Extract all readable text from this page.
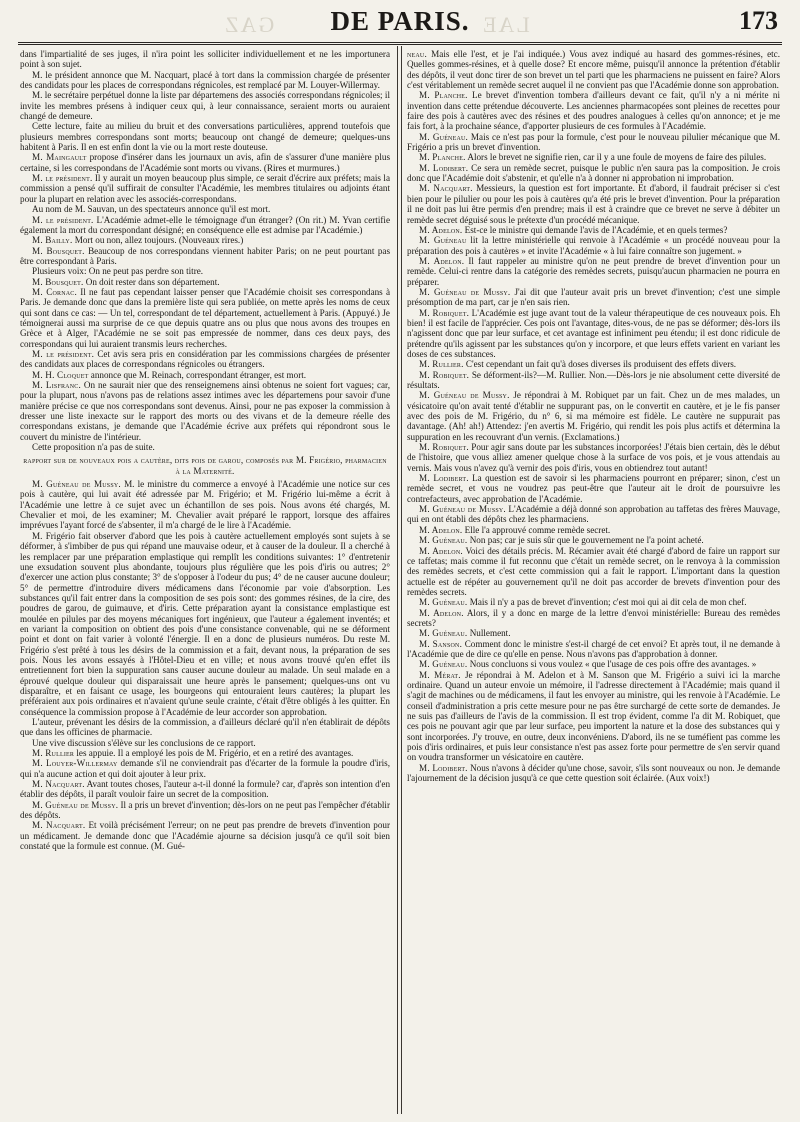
GAZ	LAE
DE PARIS.	173

dans l'impartialité de ses juges, il n'ira point les solliciter individuellement et ne les importunera point à son sujet.

M. le président annonce que M. Nacquart, placé à tort dans la commission chargée de présenter des candidats pour les places de correspondans régnicoles, est remplacé par M. Louyer-Willermay.

M. le secrétaire perpétuel donne la liste par départemens des associés correspondans régnicoles; il invite les membres présens à indiquer ceux qui, à leur connaissance, seraient morts ou auraient changé de demeure.

Cette lecture, faite au milieu du bruit et des conversations particulières, apprend toutefois que plusieurs membres correspondans sont morts; beaucoup ont changé de demeure; quelques-uns habitent à Paris. Il en est enfin dont la vie ou la mort reste douteuse.

M. Maingault propose d'insérer dans les journaux un avis, afin de s'assurer d'une manière plus certaine, si les correspondans de l'Académie sont morts ou vivans. (Rires et murmures.)

M. le président. Il y aurait un moyen beaucoup plus simple, ce serait d'écrire aux préfets; mais la commission a pensé qu'il suffirait de consulter l'Académie, les membres titulaires ou adjoints étant pour la plupart en relation avec les associés-correspondans.

Au nom de M. Sauvan, un des spectateurs annonce qu'il est mort.

M. le président. L'Académie admet-elle le témoignage d'un étranger? (On rit.) M. Yvan certifie également la mort du correspondant désigné; en conséquence elle est admise par l'Académie.)

M. Bailly. Mort ou non, allez toujours. (Nouveaux rires.)

M. Bousquet. Beaucoup de nos correspondans viennent habiter Paris; on ne peut pourtant pas être correspondant à Paris.

Plusieurs voix: On ne peut pas perdre son titre.

M. Bousquet. On doit rester dans son département.

M. Cornac. Il ne faut pas cependant laisser penser que l'Académie choisit ses correspondans à Paris. Je demande donc que dans la première liste qui sera publiée, on mette après les noms de ceux qui sont dans ce cas: — Un tel, correspondant de tel département, actuellement à Paris. (Appuyé.) Je témoignerai aussi ma surprise de ce que depuis quatre ans ou plus que nous avons des troupes en Grèce et à Alger, l'Académie ne se soit pas empressée de nommer, dans ces deux pays, des correspondans qui lui auraient transmis leurs recherches.

M. le président. Cet avis sera pris en considération par les commissions chargées de présenter des candidats aux places de correspondans régnicoles ou étrangers.

M. H. Cloquet annonce que M. Reinach, correspondant étranger, est mort.

M. Lisfranc. On ne saurait nier que des renseignemens ainsi obtenus ne soient fort vagues; car, pour la plupart, nous n'avons pas de relations assez intimes avec les départemens pour savoir d'une manière précise ce que nos correspondans sont devenus. Ainsi, pour ne pas exposer la commission à dresser une liste inexacte sur le rapport des morts ou des vivans et de la demeure réelle des correspondans existans, je demande que l'Académie écrive aux préfets qui répondront sous le couvert du ministre de l'intérieur.

Cette proposition n'a pas de suite.

rapport sur de nouveaux pois a cautère, dits pois de garou, composés par M. Frigério, pharmacien à la Maternité.

M. Guéneau de Mussy. M. le ministre du commerce a envoyé à l'Académie une notice sur ces pois à cautère, qui lui avait été adressée par M. Frigério; et M. Frigério lui-même a écrit à l'Académie une lettre à ce sujet avec un échantillon de ses pois. Nous avons été chargés, M. Chevalier et moi, de les examiner; M. Chevalier avait préparé le rapport, lorsque des affaires imprévues l'ayant forcé de s'absenter, il m'a chargé de le lire à l'Académie.

M. Frigério fait observer d'abord que les pois à cautère actuellement employés sont sujets à se déformer, à s'imbiber de pus qui répand une mauvaise odeur, et à causer de la douleur. Il a cherché à les remplacer par une préparation emplastique qui remplît les conditions suivantes: 1° d'entretenir une exsudation souvent plus abondante, toujours plus régulière que les pois d'iris ou autres; 2° d'exercer une action plus constante; 3° de s'opposer à l'odeur du pus; 4° de ne causer aucune douleur; 5° de permettre d'introduire divers médicamens dans l'économie par voie d'absorption. Les substances qu'il fait entrer dans la composition de ses pois sont: des gommes résines, de la cire, des poudres de garou, de guimauve, et d'iris. Cette préparation ayant la consistance emplastique est moulée en pilules par des moyens mécaniques fort ingénieux, que l'auteur a également inventés; et en variant la composition on obtient des pois d'une consistance convenable, qui ne se déforment point et dont on fait varier à volonté l'énergie. Il en a donc de plusieurs numéros. Du reste M. Frigério s'est prêté à tous les désirs de la commission et a fait, devant nous, la préparation de ses pois. Nous les avons essayés à l'Hôtel-Dieu et en ville; et nous avons trouvé qu'en effet ils entretiennent fort bien la suppuration sans causer aucune douleur au malade. Un seul malade en a éprouvé quelque douleur qui disparaissait une heure après le pansement; quelques-uns ont vu disparaître, et en faisant ce usage, les bourgeons qui entouraient leurs cautères; la plupart les préféraient aux pois ordinaires et n'avaient qu'une seule crainte, c'était d'être obligés à les quitter. En conséquence la commission propose à l'Académie de leur accorder son approbation.

L'auteur, prévenant les désirs de la commission, a d'ailleurs déclaré qu'il n'en établirait de dépôts que dans les officines de pharmacie.

Une vive discussion s'élève sur les conclusions de ce rapport.

M. Rullier les appuie. Il a employé les pois de M. Frigério, et en a retiré des avantages.

M. Louyer-Willermay demande s'il ne conviendrait pas d'écarter de la formule la poudre d'iris, qui n'a aucune action et qui doit ajouter à leur prix.

M. Nacquart. Avant toutes choses, l'auteur a-t-il donné la formule? car, d'après son intention d'en établir des dépôts, il paraît vouloir faire un secret de la composition.

M. Guéneau de Mussy. Il a pris un brevet d'invention; dès-lors on ne peut pas l'empêcher d'établir des dépôts.

M. Nacquart. Et voilà précisément l'erreur; on ne peut pas prendre de brevets d'invention pour un médicament. Je demande donc que l'Académie ajourne sa décision jusqu'à ce qu'il soit bien constaté que la formule est connue. (M. Gué-

neau. Mais elle l'est, et je l'ai indiquée.) Vous avez indiqué au hasard des gommes-résines, etc. Quelles gommes-résines, et à quelle dose? Et encore même, puisqu'il annonce la prétention d'établir des dépôts, il veut donc tirer de son brevet un tel parti que les pharmaciens ne puissent en faire? Alors c'est véritablement un remède secret auquel il ne convient pas que l'Académie donne son approbation.

M. Planche. Le brevet d'invention tombera d'ailleurs devant ce fait, qu'il n'y a ni mérite ni invention dans cette prétendue découverte. Les anciennes pharmacopées sont pleines de recettes pour faire des pois à cautères avec des résines et des poudres analogues à celles qu'on annonce; et je me fais fort, à la prochaine séance, d'apporter plusieurs de ces formules à l'Académie.

M. Guéneau. Mais ce n'est pas pour la formule, c'est pour le nouveau pilulier mécanique que M. Frigério a pris un brevet d'invention.

M. Planche. Alors le brevet ne signifie rien, car il y a une foule de moyens de faire des pilules.

M. Lodibert. Ce sera un remède secret, puisque le public n'en saura pas la composition. Je crois donc que l'Académie doit s'abstenir, et qu'elle n'a à donner ni approbation ni improbation.

M. Nacquart. Messieurs, la question est fort importante. Et d'abord, il faudrait préciser si c'est bien pour le pilulier ou pour les pois à cautères qu'a été pris le brevet d'invention. Pour la préparation il ne doit pas lui être permis d'en prendre; mais il est à craindre que ce brevet ne serve à débiter un remède secret déguisé sous le prétexte d'un procédé mécanique.

M. Adelon. Est-ce le ministre qui demande l'avis de l'Académie, et en quels termes?

M. Guéneau lit la lettre ministérielle qui renvoie à l'Académie « un procédé nouveau pour la préparation des pois à cautères » et invite l'Académie « à lui faire connaître son jugement. »

M. Adelon. Il faut rappeler au ministre qu'on ne peut prendre de brevet d'invention pour un remède. Celui-ci rentre dans la catégorie des remèdes secrets, puisqu'aucun pharmacien ne pourra en préparer.

M. Guéneau de Mussy. J'ai dit que l'auteur avait pris un brevet d'invention; c'est une simple présomption de ma part, car je n'en sais rien.

M. Robiquet. L'Académie est juge avant tout de la valeur thérapeutique de ces nouveaux pois. Eh bien! il est facile de l'apprécier. Ces pois ont l'avantage, dites-vous, de ne pas se déformer; dès-lors ils n'agissent donc que par leur surface, et cet avantage est infiniment peu étendu; il est donc ridicule de prétendre qu'ils agissent par les substances qu'on y incorpore, et que leurs effets varient en variant les doses de ces substances.

M. Rullier. C'est cependant un fait qu'à doses diverses ils produisent des effets divers.

M. Robiquet. Se déforment-ils?—M. Rullier. Non.—Dès-lors je nie absolument cette diversité de résultats.

M. Guéneau de Mussy. Je répondrai à M. Robiquet par un fait. Chez un de mes malades, un vésicatoire qu'on avait tenté d'établir ne suppurant pas, on le convertit en cautère, et je le fis panser avec des pois de M. Frigério, du n° 6, si ma mémoire est fidèle. Le cautère ne suppurait pas davantage. (Ah! ah!) Attendez: j'en avertis M. Frigério, qui rendit les pois plus actifs et détermina la suppuration en les recouvrant d'un vernis. (Exclamations.)

M. Robiquet. Pour agir sans doute par les substances incorporées! J'étais bien certain, dès le début de l'histoire, que vous alliez amener quelque chose à la surface de vos pois, et je vous attendais au vernis. Mais vous n'avez qu'à vernir des pois d'iris, vous en obtiendrez tout autant!

M. Lodibert. La question est de savoir si les pharmaciens pourront en préparer; sinon, c'est un remède secret, et vous ne voudrez pas peut-être que l'auteur ait le droit de poursuivre les contrefacteurs, avec approbation de l'Académie.

M. Guéneau de Mussy. L'Académie a déjà donné son approbation au taffetas des frères Mauvage, qui en ont établi des dépôts chez les pharmaciens.

M. Adelon. Elle l'a approuvé comme remède secret.

M. Guéneau. Non pas; car je suis sûr que le gouvernement ne l'a point acheté.

M. Adelon. Voici des détails précis. M. Récamier avait été chargé d'abord de faire un rapport sur ce taffetas; mais comme il fut reconnu que c'était un remède secret, on le renvoya à la commission des remèdes secrets, et c'est cette commission qui a fait le rapport. L'important dans la question actuelle est de répéter au gouvernement qu'il ne doit pas accorder de brevets d'invention pour des remèdes secrets.

M. Guéneau. Mais il n'y a pas de brevet d'invention; c'est moi qui ai dit cela de mon chef.

M. Adelon. Alors, il y a donc en marge de la lettre d'envoi ministérielle: Bureau des remèdes secrets?

M. Guéneau. Nullement.

M. Sanson. Comment donc le ministre s'est-il chargé de cet envoi? Et après tout, il ne demande à l'Académie que de dire ce qu'elle en pense. Nous n'avons pas d'approbation à donner.

M. Guéneau. Nous concluons si vous voulez « que l'usage de ces pois offre des avantages. »

M. Mérat. Je répondrai à M. Adelon et à M. Sanson que M. Frigério a suivi ici la marche ordinaire. Quand un auteur envoie un mémoire, il l'adresse directement à l'Académie; mais quand il s'agit de machines ou de médicamens, il faut les envoyer au ministre, qui les renvoie à l'Académie. Le conseil d'administration a pris cette mesure pour ne pas être surchargé de cette sorte de demandes. Je ne suis pas d'ailleurs de l'avis de la commission. Il est trop évident, comme l'a dit M. Robiquet, que ces pois ne pouvant agir que par leur surface, peu importent la nature et la dose des substances qui y sont incorporées. J'y trouve, en outre, deux inconvéniens. D'abord, ils ne se tuméfient pas comme les pois d'iris ordinaires, et puis leur consistance n'est pas assez forte pour permettre de s'en servir quand on voudra transformer un vésicatoire en cautère.

M. Lodibert. Nous n'avons à décider qu'une chose, savoir, s'ils sont nouveaux ou non. Je demande l'ajournement de la décision jusqu'à ce que cette question soit éclairée. (Aux voix!)
